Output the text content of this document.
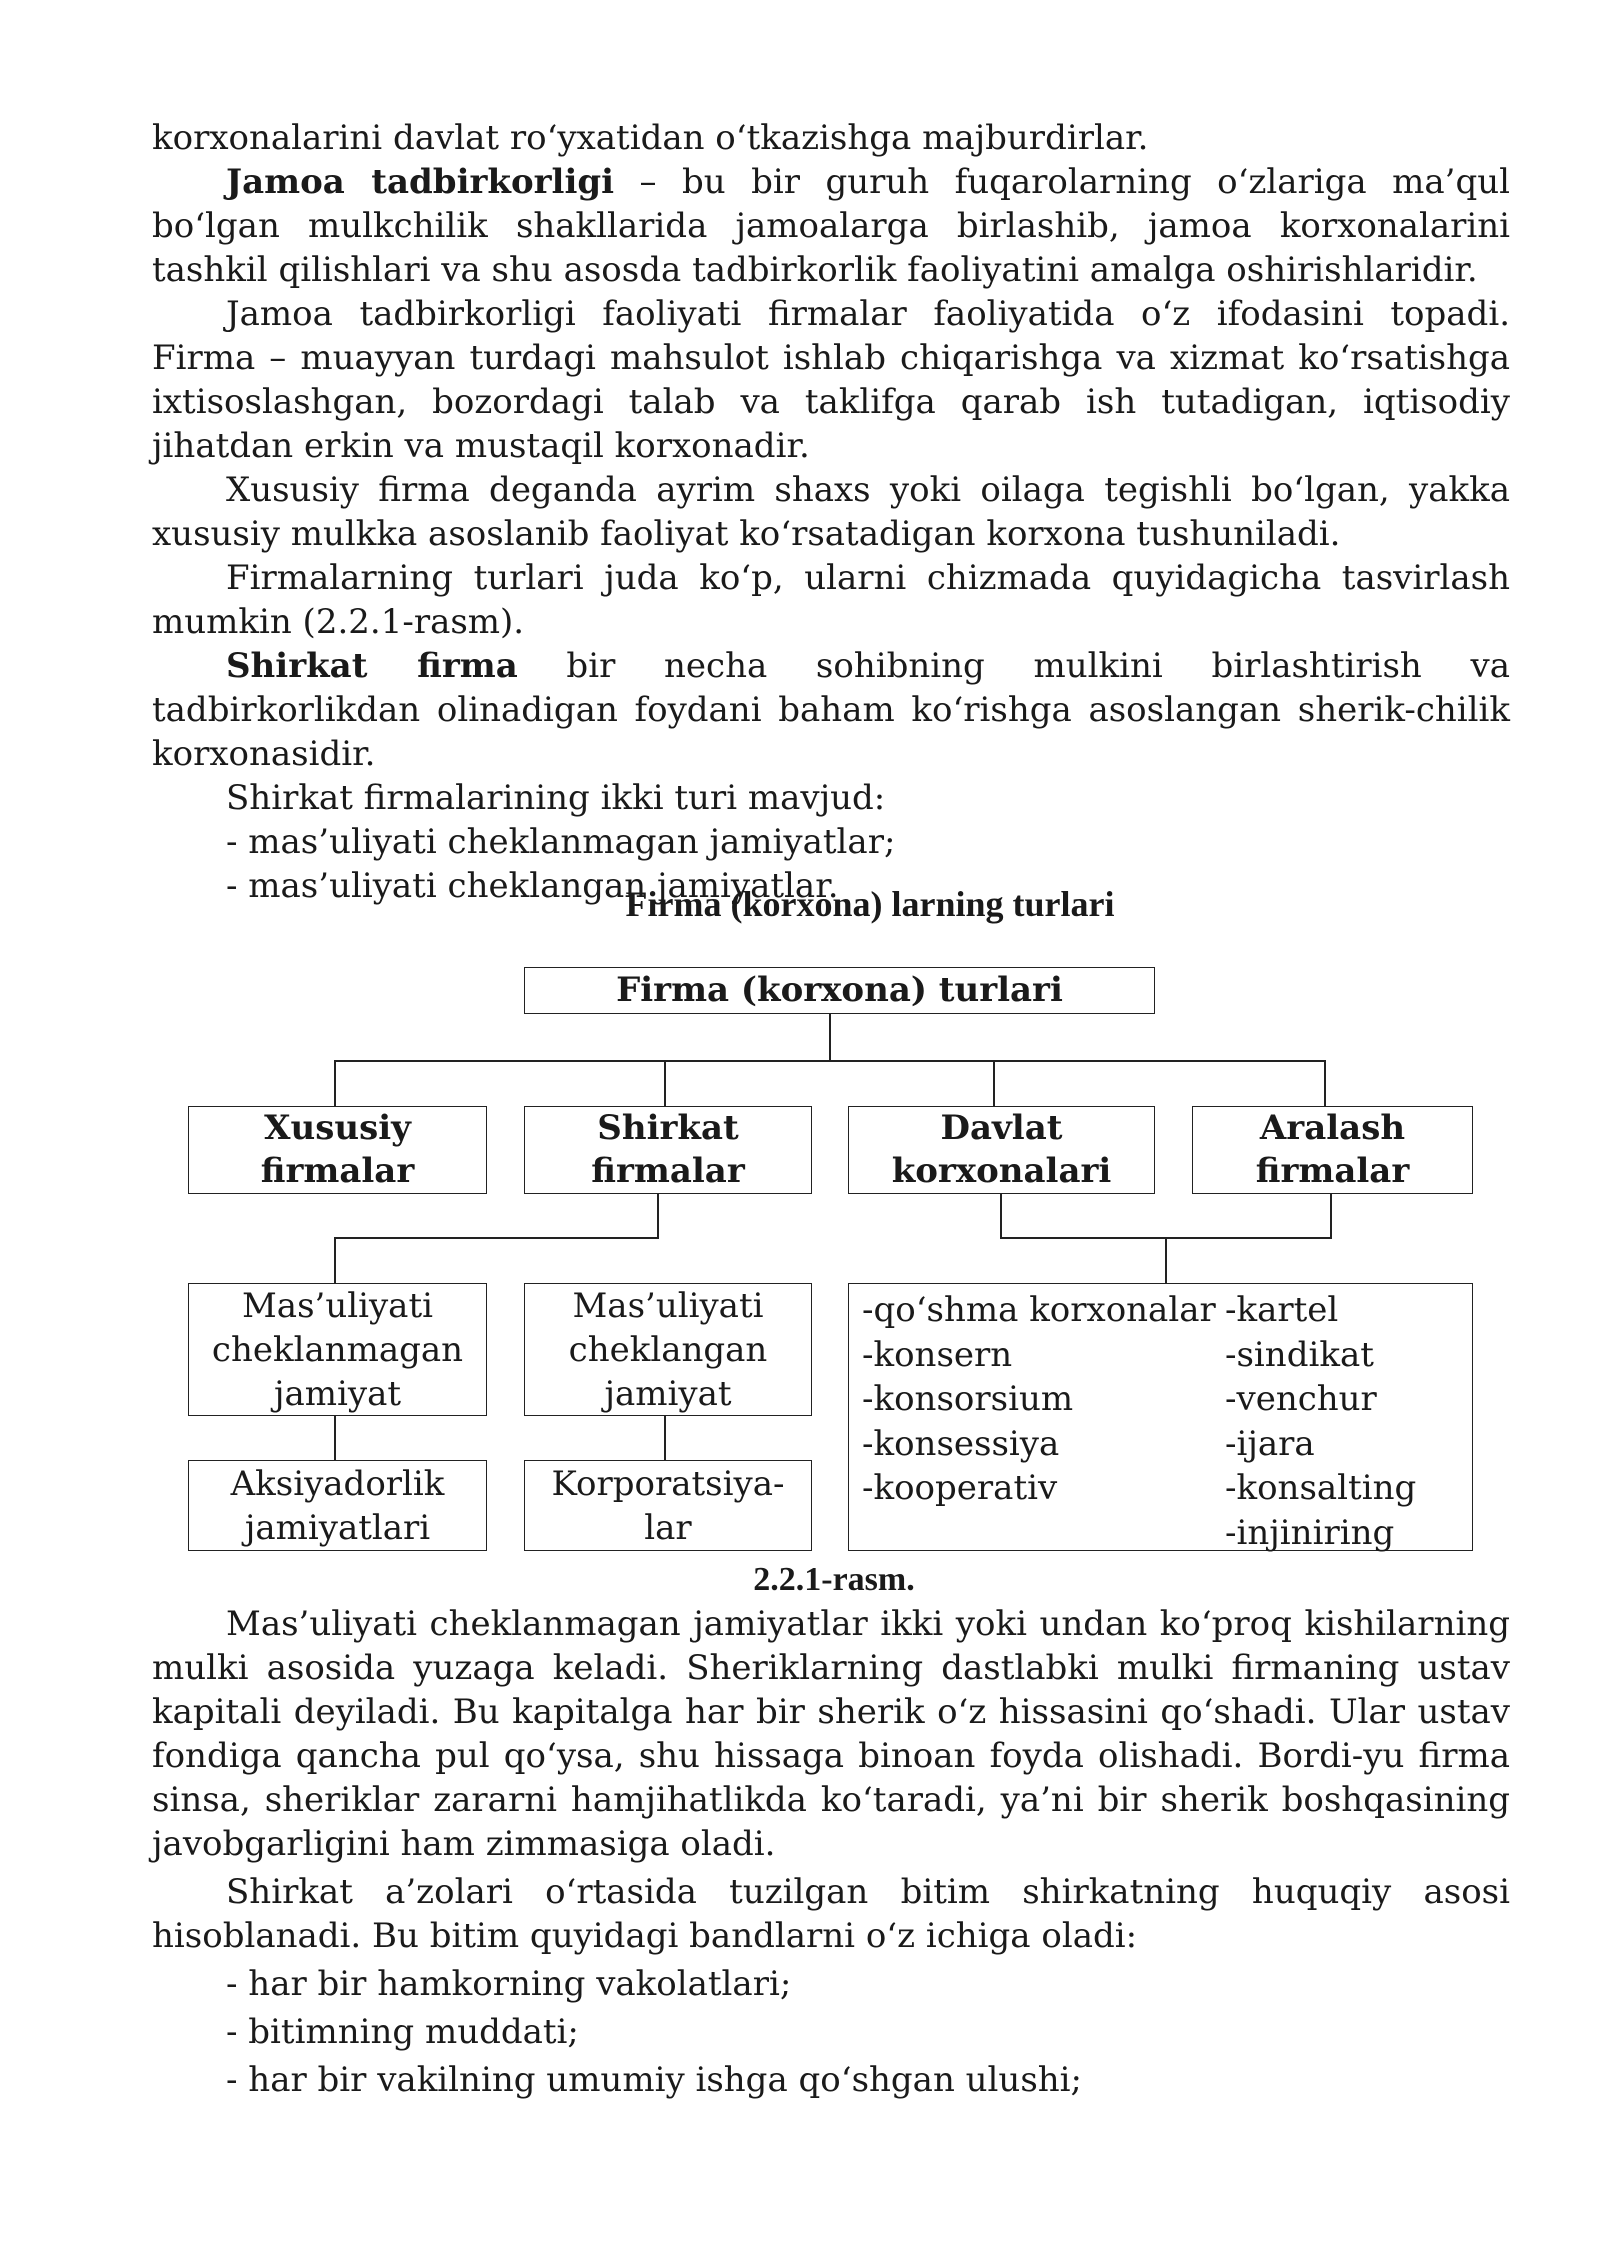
korxonalarini davlat roʻyxatidan oʻtkazishga majburdirlar.

Jamoa tadbirkorligi – bu bir guruh fuqarolarning oʻzlariga ma’qul boʻlgan mulkchilik shakllarida jamoalarga birlashib, jamoa korxonalarini tashkil qilishlari va shu asosda tadbirkorlik faoliyatini amalga oshirishlaridir.

Jamoa tadbirkorligi faoliyati firmalar faoliyatida oʻz ifodasini topadi. Firma – muayyan turdagi mahsulot ishlab chiqarishga va xizmat koʻrsatishga ixtisoslashgan, bozordagi talab va taklifga qarab ish tutadigan, iqtisodiy jihatdan erkin va mustaqil korxonadir.

Xususiy firma deganda ayrim shaxs yoki oilaga tegishli boʻlgan, yakka xususiy mulkka asoslanib faoliyat koʻrsatadigan korxona tushuniladi.

Firmalarning turlari juda koʻp, ularni chizmada quyidagicha tasvirlash mumkin (2.2.1-rasm).

Shirkat firma bir necha sohibning mulkini birlashtirish va tadbirkorlikdan olinadigan foydani baham koʻrishga asoslangan sherik-chilik korxonasidir.

Shirkat firmalarining ikki turi mavjud:

- mas’uliyati cheklanmagan jamiyatlar;

- mas’uliyati cheklangan jamiyatlar.

Firma (korxona) larning turlari
Firma (korxona) turlari
Xususiy
firmalar
Shirkat
firmalar
Davlat
korxonalari
Aralash
firmalar
Mas’uliyati
cheklanmagan
jamiyat
Mas’uliyati
cheklangan
jamiyat
-qoʻshma korxonalar
-konsern
-konsorsium
-konsessiya
-kooperativ
-kartel
-sindikat
-venchur
-ijara
-konsalting
-injiniring
Aksiyadorlik
jamiyatlari
Korporatsiya-
lar
2.2.1-rasm.

Mas’uliyati cheklanmagan jamiyatlar ikki yoki undan koʻproq kishilarning mulki asosida yuzaga keladi. Sheriklarning dastlabki mulki firmaning ustav kapitali deyiladi. Bu kapitalga har bir sherik oʻz hissasini qoʻshadi. Ular ustav fondiga qancha pul qoʻysa, shu hissaga binoan foyda olishadi. Bordi-yu firma sinsa, sheriklar zararni hamjihatlikda koʻtaradi, ya’ni bir sherik boshqasining javobgarligini ham zimmasiga oladi.

Shirkat a’zolari oʻrtasida tuzilgan bitim shirkatning huquqiy asosi hisoblanadi. Bu bitim quyidagi bandlarni oʻz ichiga oladi:

- har bir hamkorning vakolatlari;

- bitimning muddati;

- har bir vakilning umumiy ishga qoʻshgan ulushi;
